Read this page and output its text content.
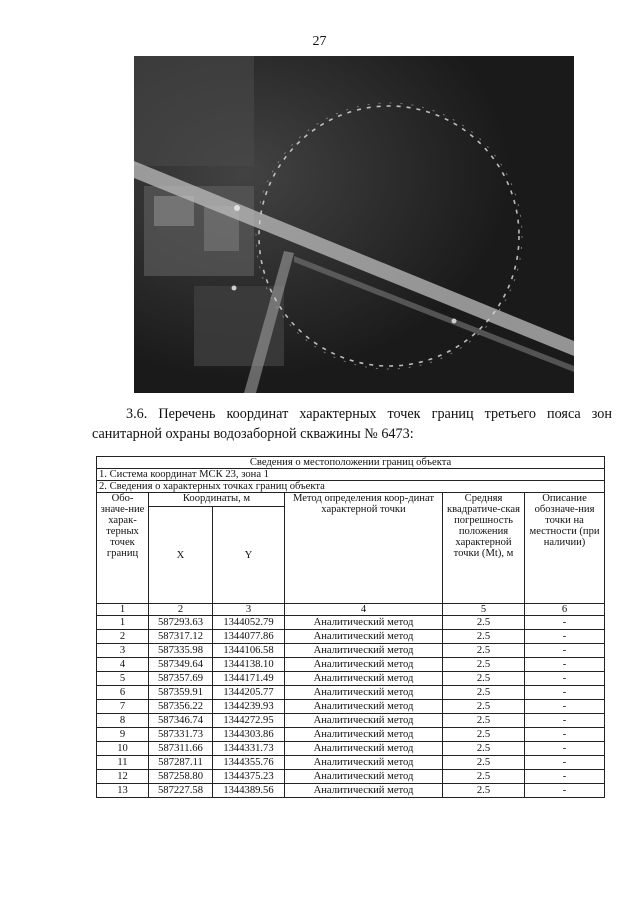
27
3.6. Перечень координат характерных точек границ третьего пояса зон
санитарной охраны водозаборной скважины № 6473:
Сведения о местоположении границ объекта					
1. Система координат МСК 23, зона 1					
2. Сведения о характерных точках границ объекта					
Обо-значе-ние харак-терных точек границ	Координаты, м		Метод определения коор-динат характерной точки	Средняя квадратиче-ская погрешность положения характерной точки (Mt), м	Описание обозначе-ния точки на местности (при наличии)
	X	Y			
1	2	3	4	5	6
1	587293.63	1344052.79	Аналитический метод	2.5	-
2	587317.12	1344077.86	Аналитический метод	2.5	-
3	587335.98	1344106.58	Аналитический метод	2.5	-
4	587349.64	1344138.10	Аналитический метод	2.5	-
5	587357.69	1344171.49	Аналитический метод	2.5	-
6	587359.91	1344205.77	Аналитический метод	2.5	-
7	587356.22	1344239.93	Аналитический метод	2.5	-
8	587346.74	1344272.95	Аналитический метод	2.5	-
9	587331.73	1344303.86	Аналитический метод	2.5	-
10	587311.66	1344331.73	Аналитический метод	2.5	-
11	587287.11	1344355.76	Аналитический метод	2.5	-
12	587258.80	1344375.23	Аналитический метод	2.5	-
13	587227.58	1344389.56	Аналитический метод	2.5	-
